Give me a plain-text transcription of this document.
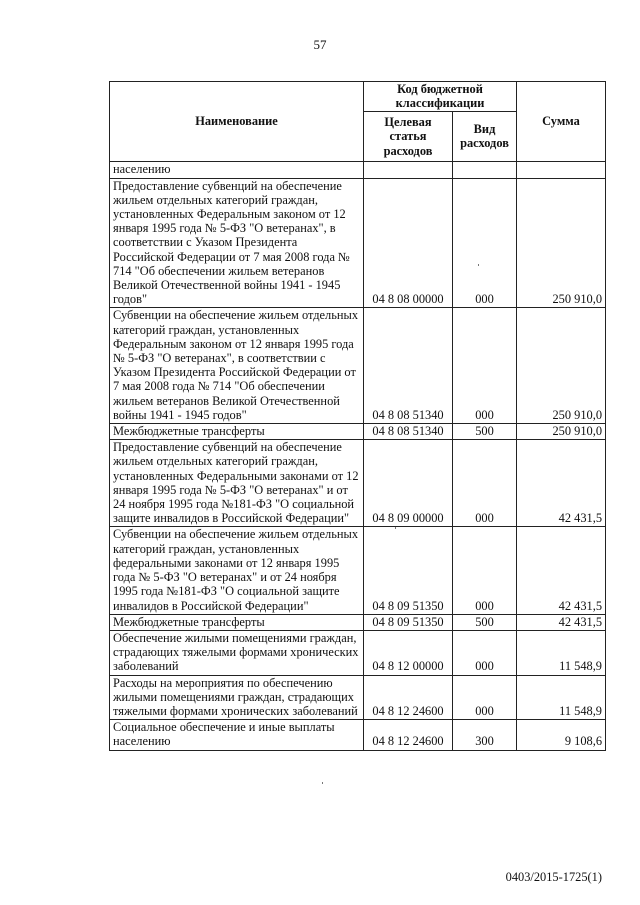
57
Наименование	Код бюджетной классификации		Сумма
	Целевая статья расходов	Вид расходов	
населению			
Предоставление субвенций на обеспечение жильем отдельных категорий граждан, установленных Федеральным законом от 12 января 1995 года № 5-ФЗ "О ветеранах", в соответствии с Указом Президента Российской Федерации от 7 мая 2008 года № 714 "Об обеспечении жильем ветеранов Великой Отечественной войны 1941 - 1945 годов"	04 8 08 00000	000	250 910,0
Субвенции на обеспечение жильем отдельных категорий граждан, установленных Федеральным законом от 12 января 1995 года № 5-ФЗ "О ветеранах", в соответствии с Указом Президента Российской Федерации от 7 мая 2008 года № 714 "Об обеспечении жильем ветеранов Великой Отечественной войны 1941 - 1945 годов"	04 8 08 51340	000	250 910,0
Межбюджетные трансферты	04 8 08 51340	500	250 910,0
Предоставление субвенций на обеспечение жильем отдельных категорий граждан, установленных Федеральными законами от 12 января 1995 года № 5-ФЗ "О ветеранах" и от 24 ноября 1995 года №181-ФЗ "О социальной защите инвалидов в Российской Федерации"	04 8 09 00000	000	42 431,5
Субвенции на обеспечение жильем отдельных категорий граждан, установленных федеральными законами от 12 января 1995 года № 5-ФЗ "О ветеранах" и от 24 ноября 1995 года №181-ФЗ "О социальной защите инвалидов в Российской Федерации"	04 8 09 51350	000	42 431,5
Межбюджетные трансферты	04 8 09 51350	500	42 431,5
Обеспечение жилыми помещениями граждан, страдающих тяжелыми формами хронических заболеваний	04 8 12 00000	000	11 548,9
Расходы на мероприятия по обеспечению жилыми помещениями граждан, страдающих тяжелыми формами хронических заболеваний	04 8 12 24600	000	11 548,9
Социальное обеспечение и иные выплаты населению	04 8 12 24600	300	9 108,6
0403/2015-1725(1)
